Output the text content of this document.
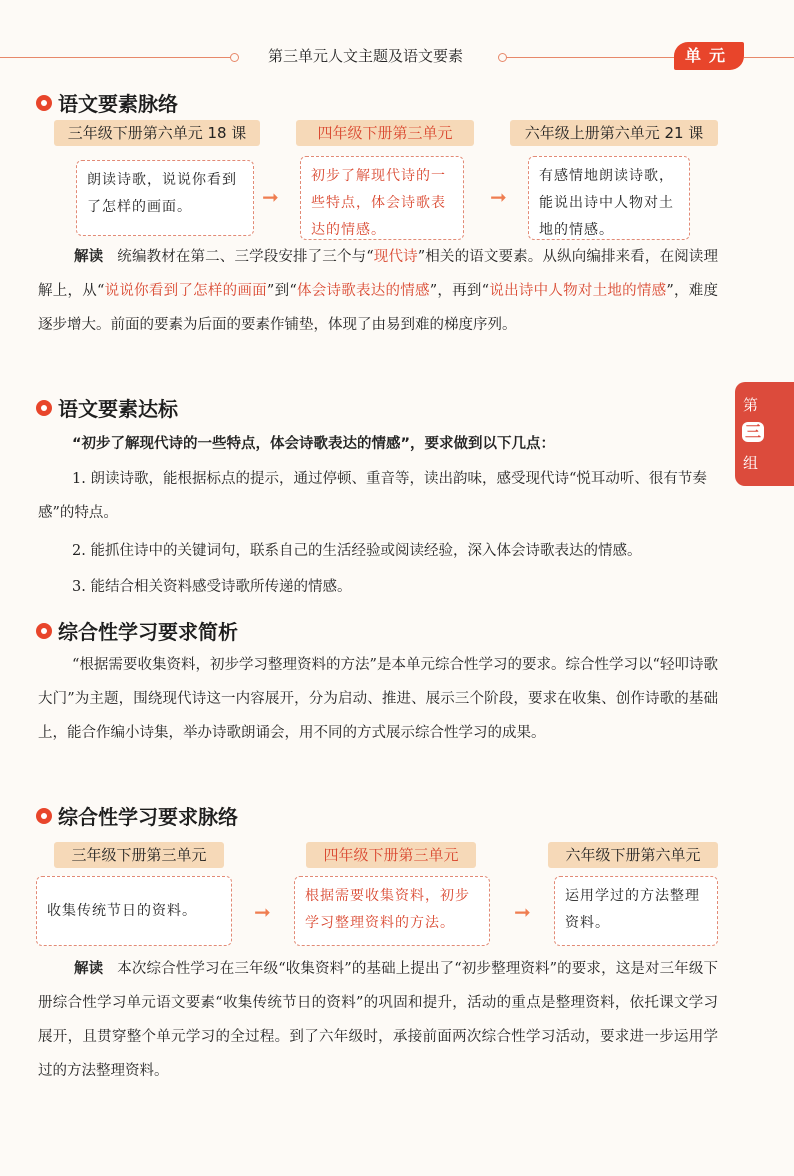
第三单元人文主题及语文要素	单元
第
三
组
语文要素脉络
三年级下册第六单元 18 课	四年级下册第三单元	六年级上册第六单元 21 课
朗读诗歌，说说你看到了怎样的画面。	➞
初步了解现代诗的一些特点，体会诗歌表达的情感。
➞
有感情地朗读诗歌，能说出诗中人物对土地的情感。
解读 统编教材在第二、三学段安排了三个与“现代诗”相关的语文要素。从纵向编排来看，在阅读理解上，从“说说你看到了怎样的画面”到“体会诗歌表达的情感”，再到“说出诗中人物对土地的情感”，难度逐步增大。前面的要素为后面的要素作铺垫，体现了由易到难的梯度序列。
语文要素达标
“初步了解现代诗的一些特点，体会诗歌表达的情感”，要求做到以下几点：
1. 朗读诗歌，能根据标点的提示，通过停顿、重音等，读出韵味，感受现代诗“悦耳动听、很有节奏感”的特点。
2. 能抓住诗中的关键词句，联系自己的生活经验或阅读经验，深入体会诗歌表达的情感。
3. 能结合相关资料感受诗歌所传递的情感。
综合性学习要求简析
“根据需要收集资料，初步学习整理资料的方法”是本单元综合性学习的要求。综合性学习以“轻叩诗歌大门”为主题，围绕现代诗这一内容展开，分为启动、推进、展示三个阶段，要求在收集、创作诗歌的基础上，能合作编小诗集，举办诗歌朗诵会，用不同的方式展示综合性学习的成果。
综合性学习要求脉络
三年级下册第三单元	四年级下册第三单元	六年级下册第六单元
收集传统节日的资料。	➞
根据需要收集资料，初步学习整理资料的方法。	➞
运用学过的方法整理资料。
解读 本次综合性学习在三年级“收集资料”的基础上提出了“初步整理资料”的要求，这是对三年级下册综合性学习单元语文要素“收集传统节日的资料”的巩固和提升，活动的重点是整理资料，依托课文学习展开，且贯穿整个单元学习的全过程。到了六年级时，承接前面两次综合性学习活动，要求进一步运用学过的方法整理资料。
